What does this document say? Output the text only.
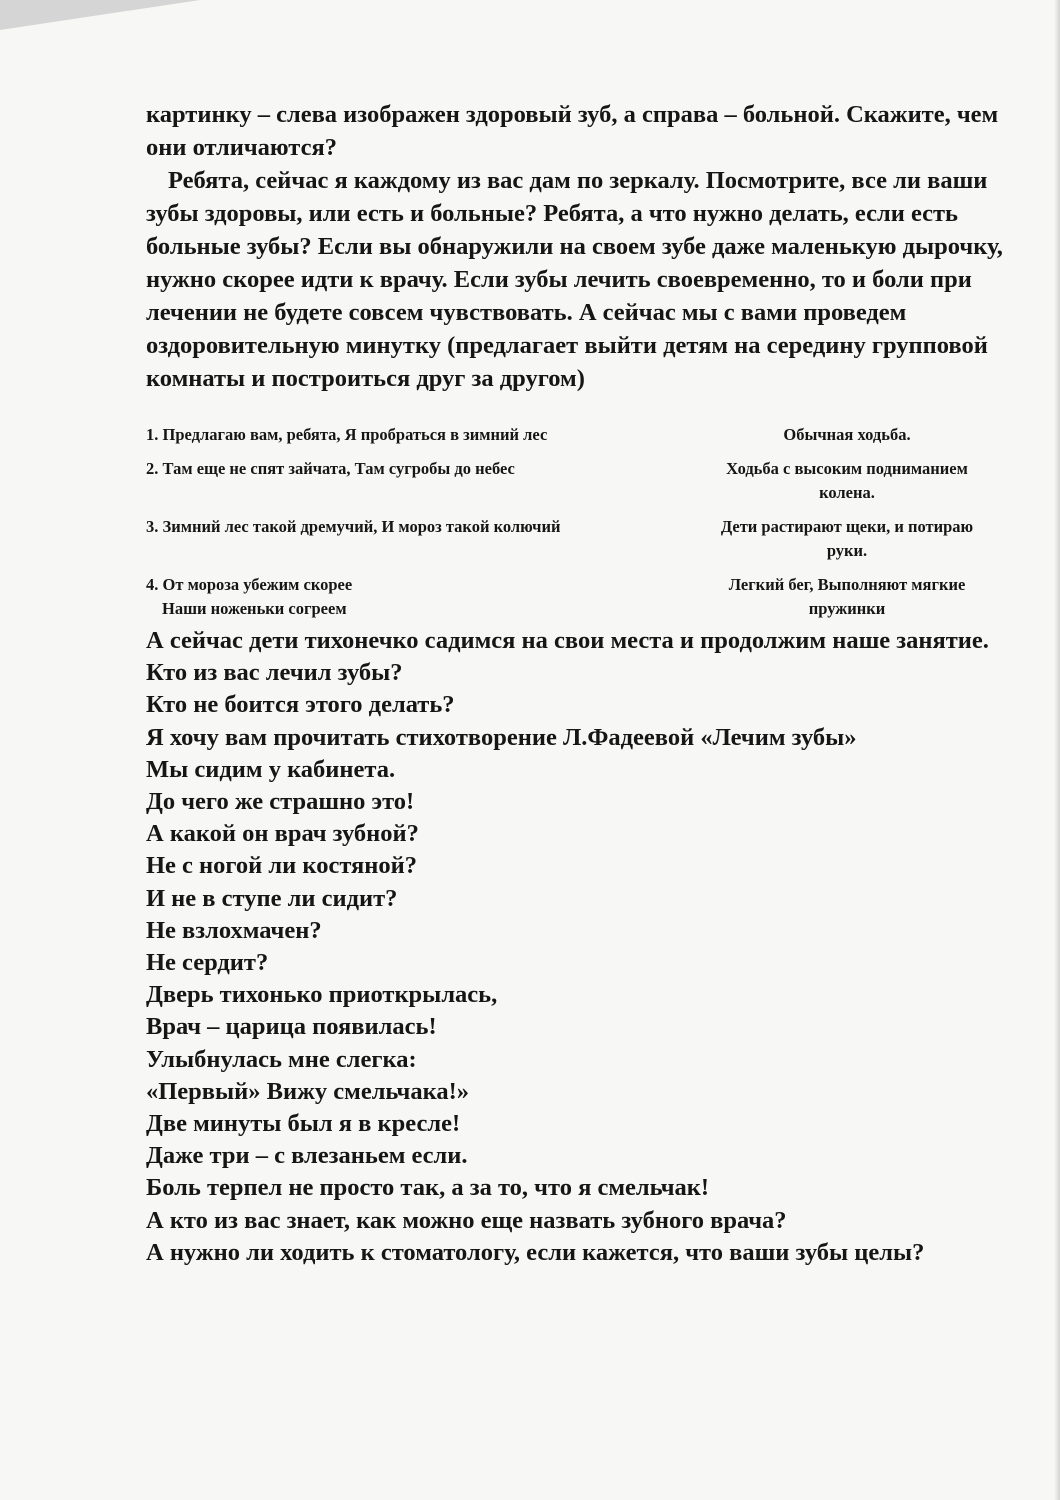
картинку – слева изображен здоровый зуб, а справа – больной. Скажите, чем они отличаются?

Ребята, сейчас я каждому из вас дам по зеркалу. Посмотрите, все ли ваши зубы здоровы, или есть и больные? Ребята, а что нужно делать, если есть больные зубы? Если вы обнаружили на своем зубе даже маленькую дырочку, нужно скорее идти к врачу. Если зубы лечить своевременно, то и боли при лечении не будете совсем чувствовать. А сейчас мы с вами проведем оздоровительную минутку (предлагает выйти детям на середину групповой комнаты и построиться друг за другом)

1. Предлагаю вам, ребята, Я пробраться в зимний лес	Обычная ходьба.
2. Там еще не спят зайчата, Там сугробы до небес	Ходьба с высоким подниманием колена.
3. Зимний лес такой дремучий, И мороз такой колючий	Дети растирают щеки, и потираю руки.

4. От мороза убежим скорее
Наши ноженьки согреем	Легкий бег, Выполняют мягкие пружинки

А сейчас дети тихонечко садимся на свои места и продолжим наше занятие.

Кто из вас лечил зубы?

Кто не боится этого делать?

Я хочу вам прочитать стихотворение Л.Фадеевой «Лечим зубы»

Мы сидим у кабинета.

До чего же страшно это!

А какой он врач зубной?

Не с ногой ли костяной?

И не в ступе ли сидит?

Не взлохмачен?

Не сердит?

Дверь тихонько приоткрылась,

Врач – царица появилась!

Улыбнулась мне слегка:

«Первый» Вижу смельчака!»

Две минуты был я в кресле!

Даже три – с влезаньем если.

Боль терпел не просто так, а за то, что я смельчак!

А кто из вас знает, как можно еще назвать зубного врача?

А нужно ли ходить к стоматологу, если кажется, что ваши зубы целы?
